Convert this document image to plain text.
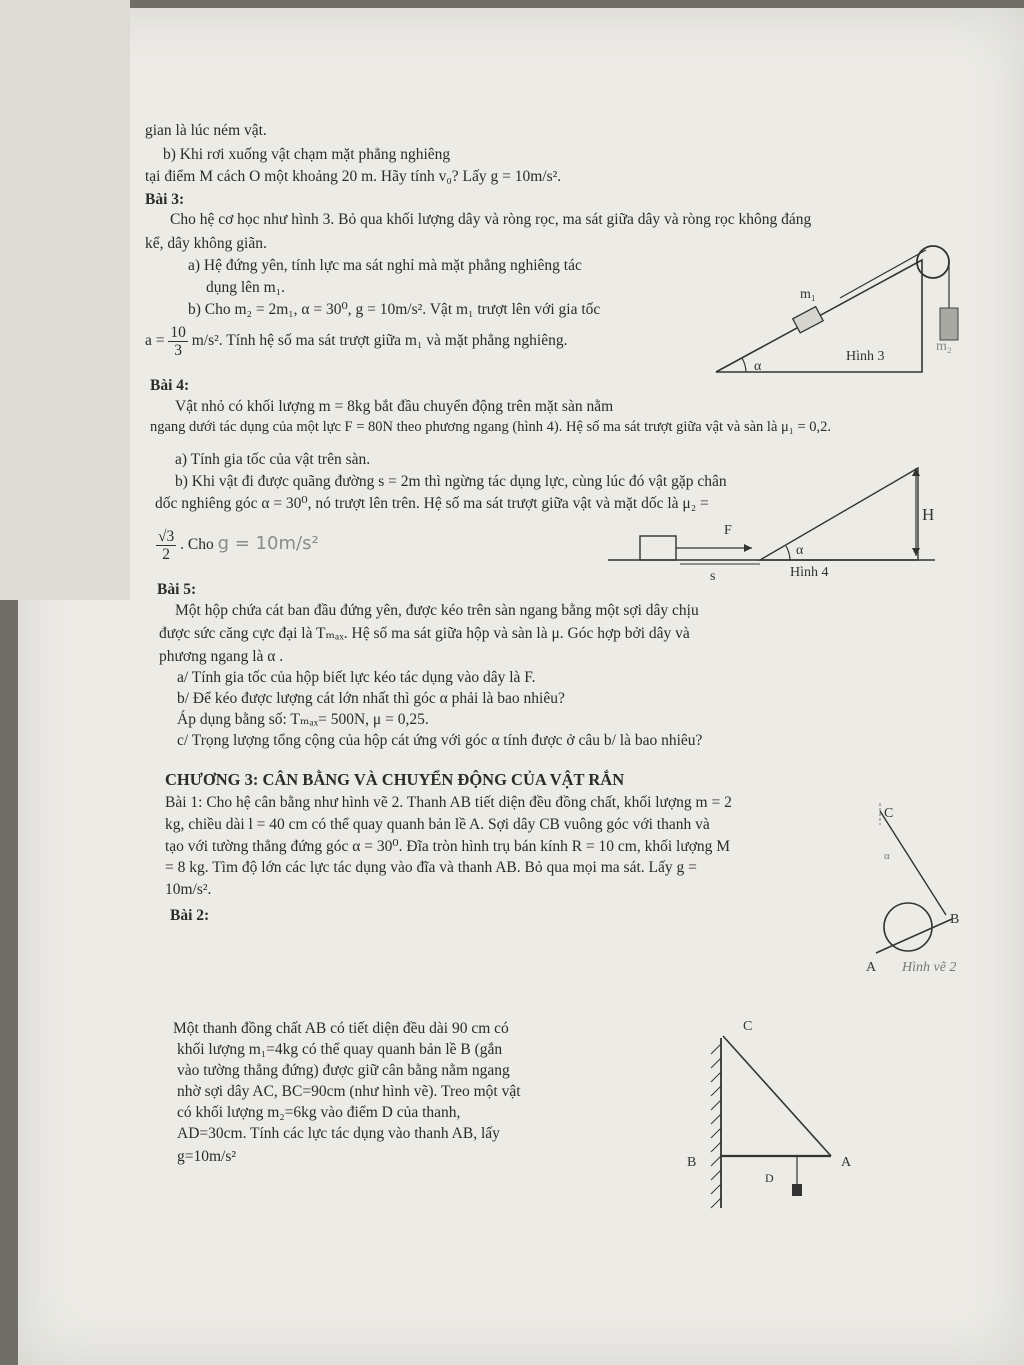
gian là lúc ném vật.
b) Khi rơi xuống vật chạm mặt phẳng nghiêng
tại điểm M cách O một khoảng 20 m. Hãy tính v₀? Lấy g = 10m/s².
Bài 3:
Cho hệ cơ học như hình 3. Bỏ qua khối lượng dây và ròng rọc, ma sát giữa dây và ròng rọc không đáng
kể, dây không giãn.
a) Hệ đứng yên, tính lực ma sát nghỉ mà mặt phẳng nghiêng tác
dụng lên m₁.
b) Cho m₂ = 2m₁, α = 30⁰, g = 10m/s². Vật m₁ trượt lên với gia tốc
$a = \frac{10}{3} m/s^2$. Tính hệ số ma sát trượt giữa m₁ và mặt phẳng nghiêng.
α
m₁
Hình 3
m₂
Bài 4:
Vật nhỏ có khối lượng m = 8kg bắt đầu chuyển động trên mặt sàn nằm
ngang dưới tác dụng của một lực F = 80N theo phương ngang (hình 4). Hệ số ma sát trượt giữa vật và sàn là μ₁ = 0,2.
a) Tính gia tốc của vật trên sàn.
b) Khi vật đi được quãng đường s = 2m thì ngừng tác dụng lực, cùng lúc đó vật gặp chân
dốc nghiêng góc α = 30⁰, nó trượt lên trên. Hệ số ma sát trượt giữa vật và mặt dốc là μ₂ =
$\frac{√3}{2}$ . Cho g = 10m/s²
F
s
α
H
Hình 4
Bài 5:
Một hộp chứa cát ban đầu đứng yên, được kéo trên sàn ngang bằng một sợi dây chịu
được sức căng cực đại là Tₘₐₓ. Hệ số ma sát giữa hộp và sàn là μ. Góc hợp bởi dây và
phương ngang là α .
a/ Tính gia tốc của hộp biết lực kéo tác dụng vào dây là F.
b/ Để kéo được lượng cát lớn nhất thì góc α phải là bao nhiêu?
Áp dụng bằng số: Tₘₐₓ= 500N, μ = 0,25.
c/ Trọng lượng tổng cộng của hộp cát ứng với góc α tính được ở câu b/ là bao nhiêu?
CHƯƠNG 3: CÂN BẰNG VÀ CHUYỂN ĐỘNG CỦA VẬT RẮN
Bài 1: Cho hệ cân bằng như hình vẽ 2. Thanh AB tiết diện đều đồng chất, khối lượng m = 2
kg, chiều dài l = 40 cm có thể quay quanh bản lề A. Sợi dây CB vuông góc với thanh và
tạo với tường thẳng đứng góc α = 30⁰. Đĩa tròn hình trụ bán kính R = 10 cm, khối lượng M
= 8 kg. Tìm độ lớn các lực tác dụng vào đĩa và thanh AB. Bỏ qua mọi ma sát. Lấy g =
10m/s².
Bài 2:
C
α
B
A Hình vẽ 2
Một thanh đồng chất AB có tiết diện đều dài 90 cm có
khối lượng m₁=4kg có thể quay quanh bản lề B (gắn
vào tường thẳng đứng) được giữ cân bằng nằm ngang
nhờ sợi dây AC, BC=90cm (như hình vẽ). Treo một vật
có khối lượng m₂=6kg vào điểm D của thanh,
AD=30cm. Tính các lực tác dụng vào thanh AB, lấy
g=10m/s²
C
B	A
D
